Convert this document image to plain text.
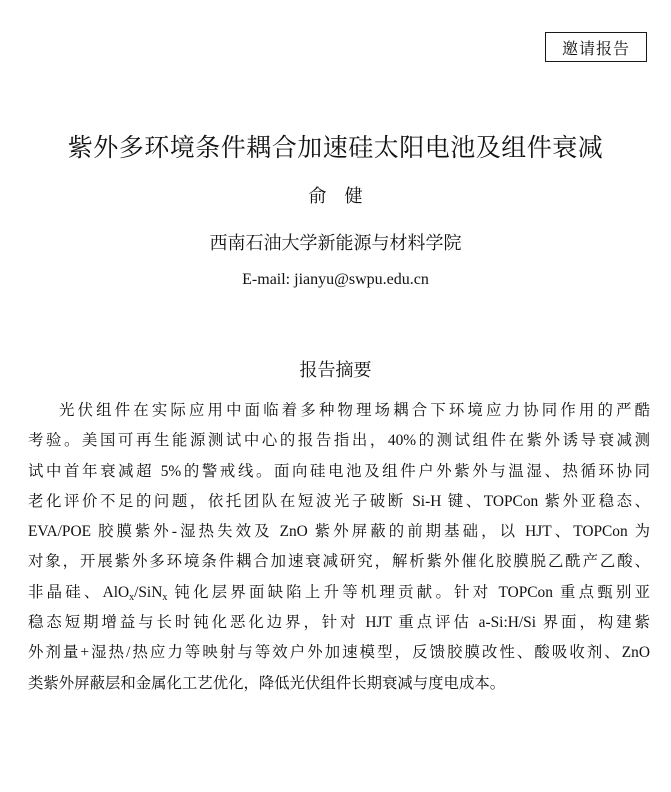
邀请报告
紫外多环境条件耦合加速硅太阳电池及组件衰减
俞健
西南石油大学新能源与材料学院
E-mail: jianyu@swpu.edu.cn
报告摘要
光伏组件在实际应用中面临着多种物理场耦合下环境应力协同作用的严酷
考验。美国可再生能源测试中心的报告指出，40%的测试组件在紫外诱导衰减测
试中首年衰减超 5%的警戒线。面向硅电池及组件户外紫外与温湿、热循环协同
老化评价不足的问题，依托团队在短波光子破断 Si-H 键、TOPCon 紫外亚稳态、
EVA/POE 胶膜紫外-湿热失效及 ZnO 紫外屏蔽的前期基础，以 HJT、TOPCon 为
对象，开展紫外多环境条件耦合加速衰减研究，解析紫外催化胶膜脱乙酰产乙酸、
非晶硅、AlO$_x$/SiN$_x$ 钝化层界面缺陷上升等机理贡献。针对 TOPCon 重点甄别亚
稳态短期增益与长时钝化恶化边界，针对 HJT 重点评估 a-Si:H/Si 界面，构建紫
外剂量+湿热/热应力等映射与等效户外加速模型，反馈胶膜改性、酸吸收剂、ZnO
类紫外屏蔽层和金属化工艺优化，降低光伏组件长期衰减与度电成本。
